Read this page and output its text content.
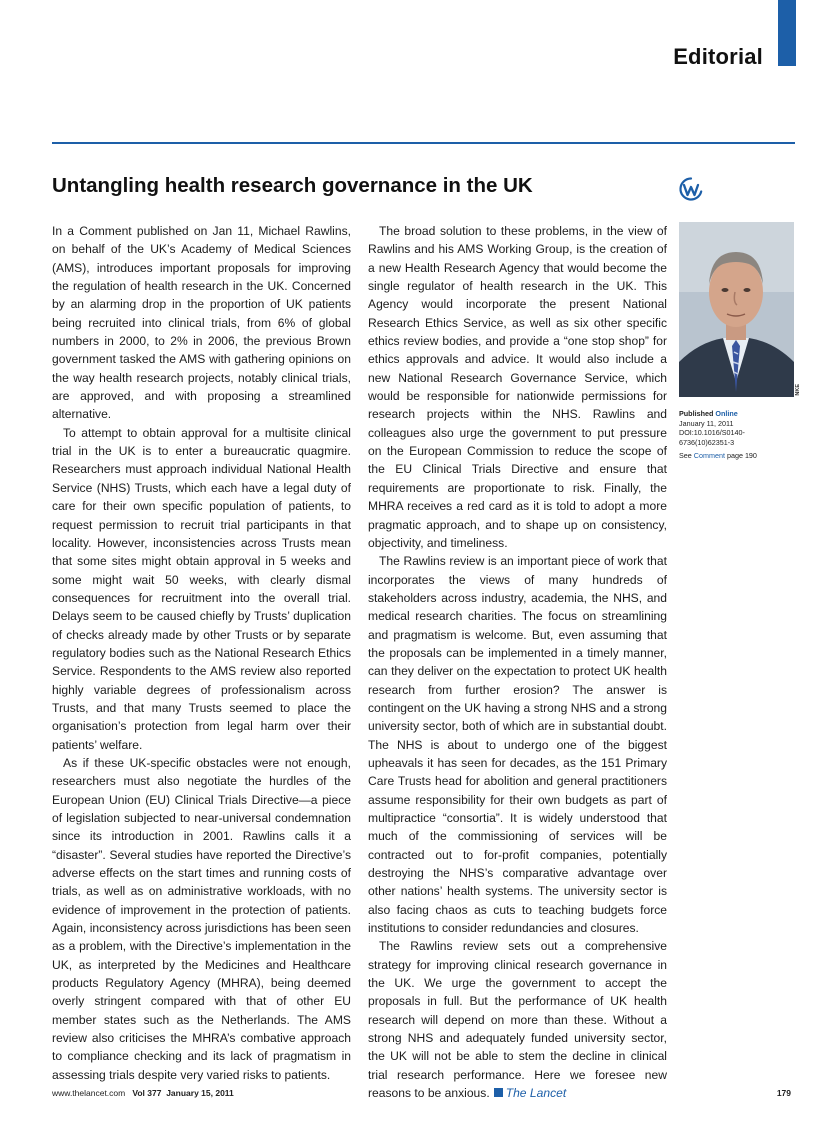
Editorial
Untangling health research governance in the UK

In a Comment published on Jan 11, Michael Rawlins, on behalf of the UK’s Academy of Medical Sciences (AMS), introduces important proposals for improving the regulation of health research in the UK. Concerned by an alarming drop in the proportion of UK patients being recruited into clinical trials, from 6% of global numbers in 2000, to 2% in 2006, the previous Brown government tasked the AMS with gathering opinions on the way health research projects, notably clinical trials, are approved, and with proposing a streamlined alternative.

To attempt to obtain approval for a multisite clinical trial in the UK is to enter a bureaucratic quagmire. Researchers must approach individual National Health Service (NHS) Trusts, which each have a legal duty of care for their own specific population of patients, to request permission to recruit trial participants in that locality. However, inconsistencies across Trusts mean that some sites might obtain approval in 5 weeks and some might wait 50 weeks, with clearly dismal consequences for recruitment into the overall trial. Delays seem to be caused chiefly by Trusts’ duplication of checks already made by other Trusts or by separate regulatory bodies such as the National Research Ethics Service. Respondents to the AMS review also reported highly variable degrees of professionalism across Trusts, and that many Trusts seemed to place the organisation’s protection from legal harm over their patients’ welfare.

As if these UK-specific obstacles were not enough, researchers must also negotiate the hurdles of the European Union (EU) Clinical Trials Directive—a piece of legislation subjected to near-universal condemnation since its introduction in 2001. Rawlins calls it a “disaster”. Several studies have reported the Directive’s adverse effects on the start times and running costs of trials, as well as on administrative workloads, with no evidence of improvement in the protection of patients. Again, inconsistency across jurisdictions has been seen as a problem, with the Directive’s implementation in the UK, as interpreted by the Medicines and Healthcare products Regulatory Agency (MHRA), being deemed overly stringent compared with that of other EU member states such as the Netherlands. The AMS review also criticises the MHRA’s combative approach to compliance checking and its lack of pragmatism in assessing trials despite very varied risks to patients.

The broad solution to these problems, in the view of Rawlins and his AMS Working Group, is the creation of a new Health Research Agency that would become the single regulator of health research in the UK. This Agency would incorporate the present National Research Ethics Service, as well as six other specific ethics review bodies, and provide a “one stop shop” for ethics approvals and advice. It would also include a new National Research Governance Service, which would be responsible for nationwide permissions for research projects within the NHS. Rawlins and colleagues also urge the government to put pressure on the European Commission to reduce the scope of the EU Clinical Trials Directive and ensure that requirements are proportionate to risk. Finally, the MHRA receives a red card as it is told to adopt a more pragmatic approach, and to shape up on consistency, objectivity, and timeliness.

The Rawlins review is an important piece of work that incorporates the views of many hundreds of stakeholders across industry, academia, the NHS, and medical research charities. The focus on streamlining and pragmatism is welcome. But, even assuming that the proposals can be implemented in a timely manner, can they deliver on the expectation to protect UK health research from further erosion? The answer is contingent on the UK having a strong NHS and a strong university sector, both of which are in substantial doubt. The NHS is about to undergo one of the biggest upheavals it has seen for decades, as the 151 Primary Care Trusts head for abolition and general practitioners assume responsibility for their own budgets as part of multipractice “consortia”. It is widely understood that much of the commissioning of services will be contracted out to for-profit companies, potentially destroying the NHS’s comparative advantage over other nations’ health systems. The university sector is also facing chaos as cuts to teaching budgets force institutions to consider redundancies and closures.

The Rawlins review sets out a comprehensive strategy for improving clinical research governance in the UK. We urge the government to accept the proposals in full. But the performance of UK health research will depend on more than these. Without a strong NHS and adequately funded university sector, the UK will not be able to stem the decline in clinical trial research performance. Here we foresee new reasons to be anxious. The Lancet

NKE
Published Online
January 11, 2011
DOI:10.1016/S0140-
6736(10)62351-3
See Comment page 190
www.thelancet.com Vol 377 January 15, 2011	179
